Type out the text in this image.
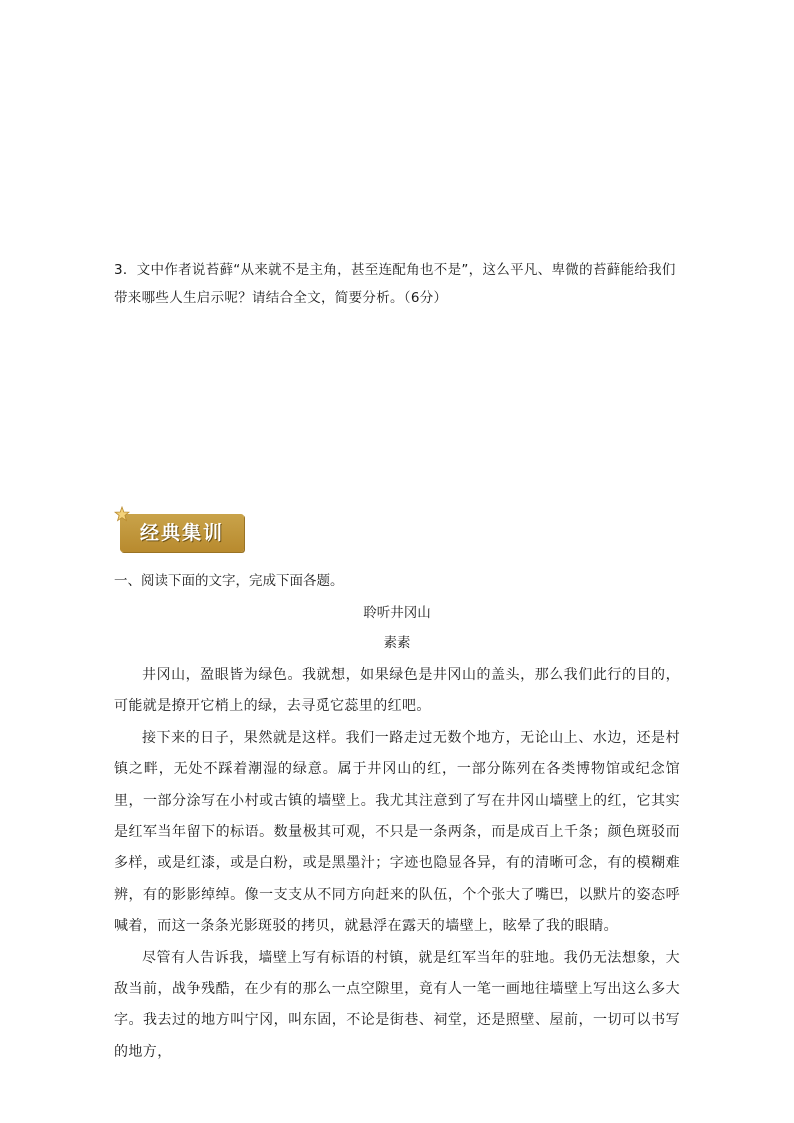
3．文中作者说苔藓“从来就不是主角，甚至连配角也不是”，这么平凡、卑微的苔藓能给我们带来哪些人生启示呢？请结合全文，简要分析。（6分）
经典集训
一、阅读下面的文字，完成下面各题。
聆听井冈山
素素

井冈山，盈眼皆为绿色。我就想，如果绿色是井冈山的盖头，那么我们此行的目的，可能就是撩开它梢上的绿，去寻觅它蕊里的红吧。

接下来的日子，果然就是这样。我们一路走过无数个地方，无论山上、水边，还是村镇之畔，无处不踩着潮湿的绿意。属于井冈山的红，一部分陈列在各类博物馆或纪念馆里，一部分涂写在小村或古镇的墙壁上。我尤其注意到了写在井冈山墙壁上的红，它其实是红军当年留下的标语。数量极其可观，不只是一条两条，而是成百上千条；颜色斑驳而多样，或是红漆，或是白粉，或是黑墨汁；字迹也隐显各异，有的清晰可念，有的模糊难辨，有的影影绰绰。像一支支从不同方向赶来的队伍，个个张大了嘴巴，以默片的姿态呼喊着，而这一条条光影斑驳的拷贝，就悬浮在露天的墙壁上，眩晕了我的眼睛。

尽管有人告诉我，墙壁上写有标语的村镇，就是红军当年的驻地。我仍无法想象，大敌当前，战争残酷，在少有的那么一点空隙里，竟有人一笔一画地往墙壁上写出这么多大字。我去过的地方叫宁冈，叫东固，不论是街巷、祠堂，还是照壁、屋前，一切可以书写的地方，
